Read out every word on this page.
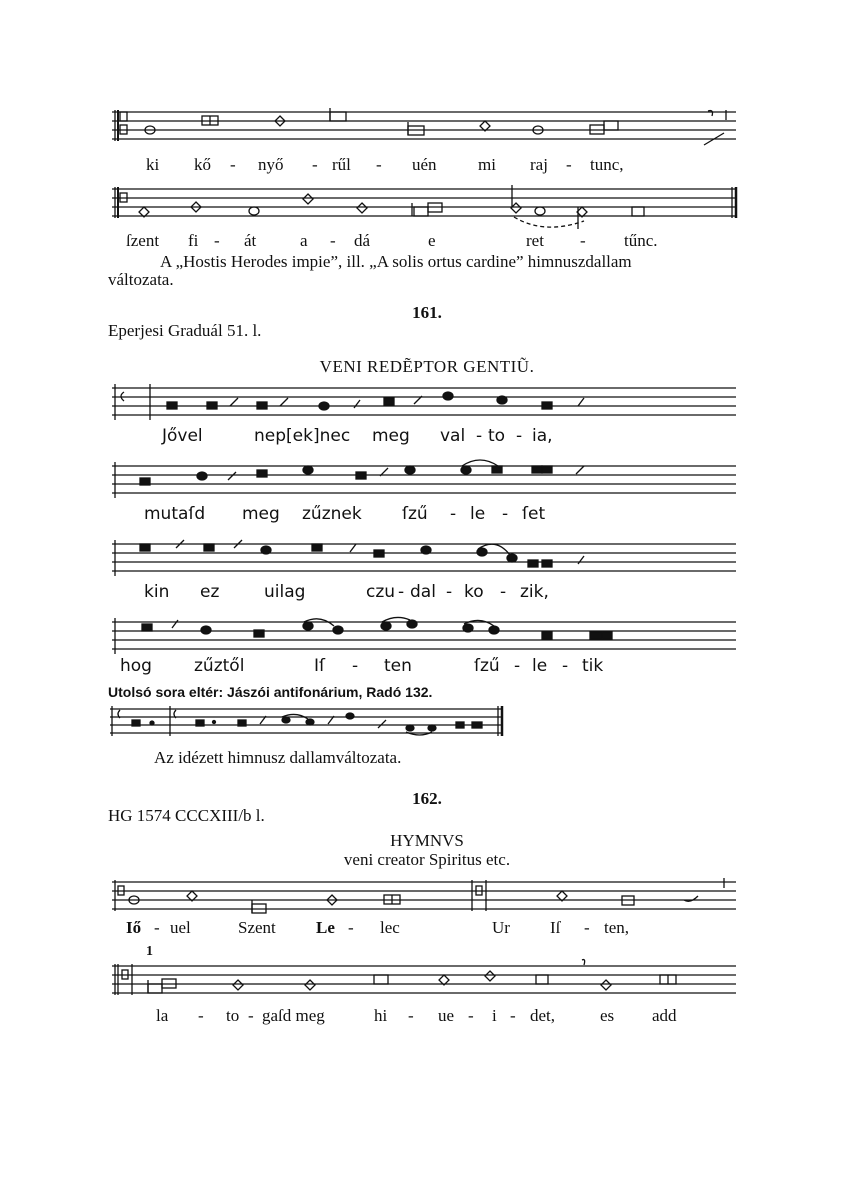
ki kő - nyő - rűl - uén mi raj - tunc,
ſzent fi - át	a - dá	e	ret - tűnc.
A „Hostis Herodes impie”, ill. „A solis ortus cardine” himnuszdallam
változata.
161.
Eperjesi Graduál 51. l.
VENI REDẼPTOR GENTIŨ.
Jővel	nep[ek]nec meg val - to - ia,
mutaſd meg zűznek ſzű - le - ſet
kin ez	uilag	czu - dal - ko - zik,
hog zűztől	Iſ - ten	ſzű - le - tik
Utolsó sora eltér: Jászói antifonárium, Radó 132.
Az idézett himnusz dallamváltozata.
162.
HG 1574 CCCXIII/b l.
HYMNVS
veni creator Spiritus etc.
Iő - uel	Szent Le - lec	Ur Iſ - ten,
1
la - to - gaſd meg	hi - ue - i - det,	es add
